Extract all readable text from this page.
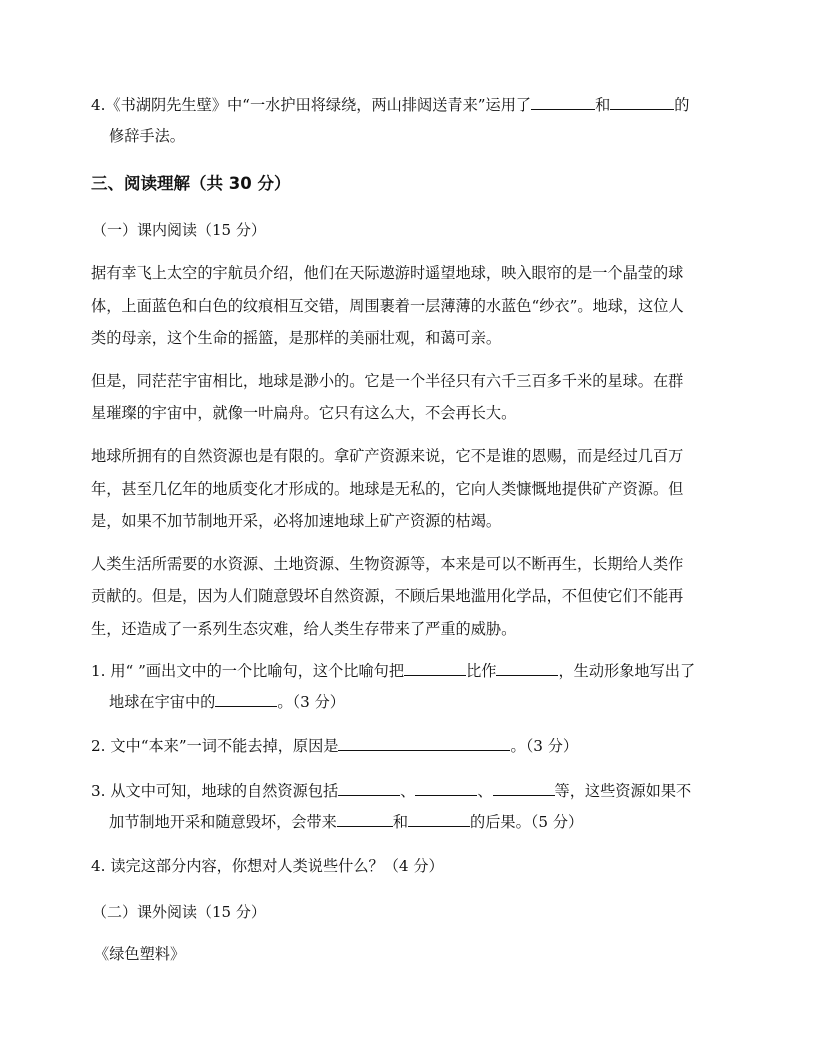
4.《书湖阴先生壁》中“一水护田将绿绕，两山排闼送青来”运用了	和	的
修辞手法。
三、阅读理解（共 30 分）
（一）课内阅读（15 分）
据有幸飞上太空的宇航员介绍，他们在天际遨游时遥望地球，映入眼帘的是一个晶莹的球
体，上面蓝色和白色的纹痕相互交错，周围裹着一层薄薄的水蓝色“纱衣”。地球，这位人
类的母亲，这个生命的摇篮，是那样的美丽壮观，和蔼可亲。
但是，同茫茫宇宙相比，地球是渺小的。它是一个半径只有六千三百多千米的星球。在群
星璀璨的宇宙中，就像一叶扁舟。它只有这么大，不会再长大。
地球所拥有的自然资源也是有限的。拿矿产资源来说，它不是谁的恩赐，而是经过几百万
年，甚至几亿年的地质变化才形成的。地球是无私的，它向人类慷慨地提供矿产资源。但
是，如果不加节制地开采，必将加速地球上矿产资源的枯竭。
人类生活所需要的水资源、土地资源、生物资源等，本来是可以不断再生，长期给人类作
贡献的。但是，因为人们随意毁坏自然资源，不顾后果地滥用化学品，不但使它们不能再
生，还造成了一系列生态灾难，给人类生存带来了严重的威胁。
1. 用“ ”画出文中的一个比喻句，这个比喻句把	比作	，生动形象地写出了
地球在宇宙中的	。（3 分）
2. 文中“本来”一词不能去掉，原因是	。（3 分）
3. 从文中可知，地球的自然资源包括	、	、	等，这些资源如果不
加节制地开采和随意毁坏，会带来	和	的后果。（5 分）
4. 读完这部分内容，你想对人类说些什么？（4 分）
（二）课外阅读（15 分）
《绿色塑料》
